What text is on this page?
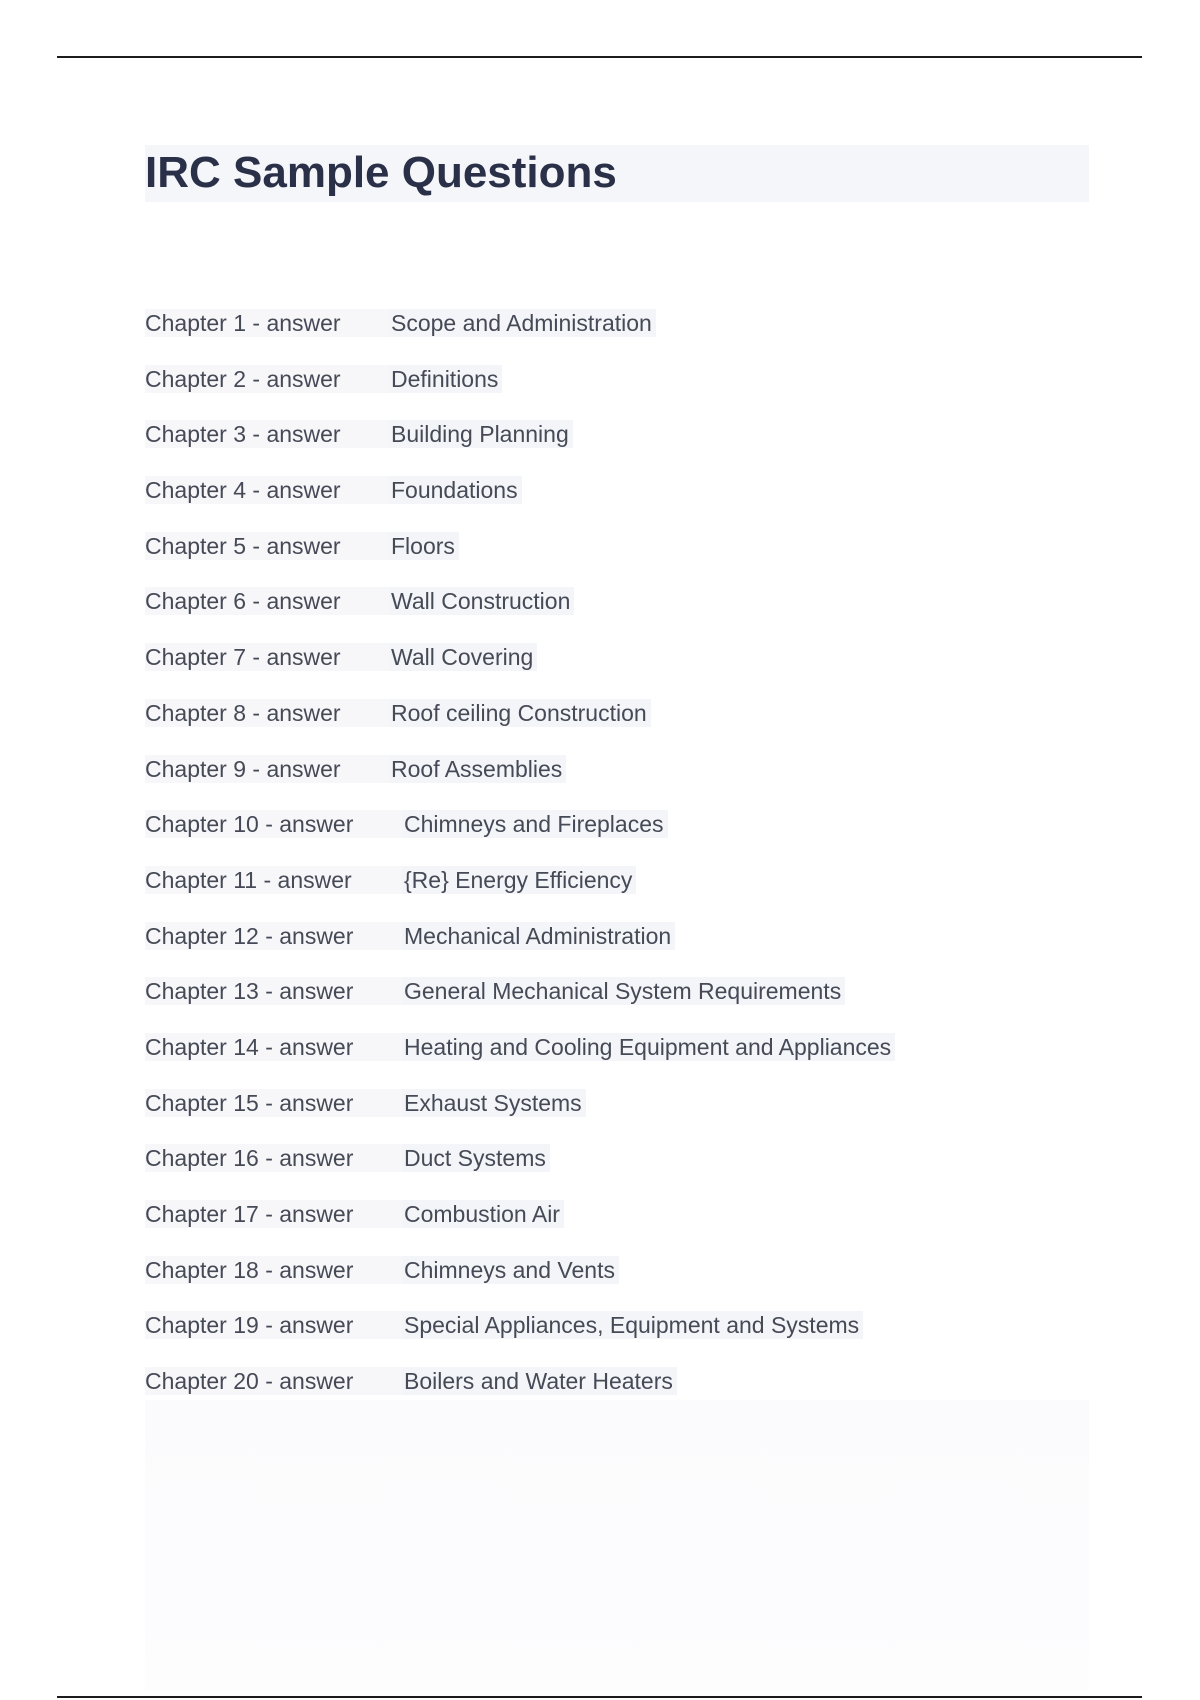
IRC Sample Questions
Chapter 1 - answer	Scope and Administration
Chapter 2 - answer	Definitions
Chapter 3 - answer	Building Planning
Chapter 4 - answer	Foundations
Chapter 5 - answer	Floors
Chapter 6 - answer	Wall Construction
Chapter 7 - answer	Wall Covering
Chapter 8 - answer	Roof ceiling Construction
Chapter 9 - answer	Roof Assemblies
Chapter 10 - answer	Chimneys and Fireplaces
Chapter 11 - answer	{Re} Energy Efficiency
Chapter 12 - answer	Mechanical Administration
Chapter 13 - answer	General Mechanical System Requirements
Chapter 14 - answer	Heating and Cooling Equipment and Appliances
Chapter 15 - answer	Exhaust Systems
Chapter 16 - answer	Duct Systems
Chapter 17 - answer	Combustion Air
Chapter 18 - answer	Chimneys and Vents
Chapter 19 - answer	Special Appliances, Equipment and Systems
Chapter 20 - answer	Boilers and Water Heaters
